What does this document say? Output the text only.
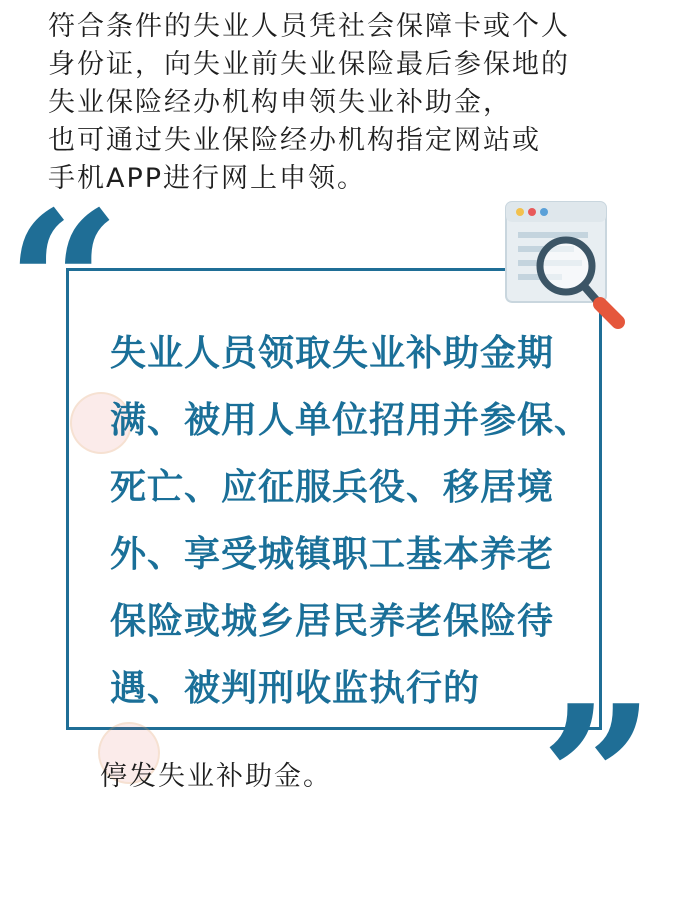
符合条件的失业人员凭社会保障卡或个人
身份证，向失业前失业保险最后参保地的
失业保险经办机构申领失业补助金，
也可通过失业保险经办机构指定网站或
手机APP进行网上申领。
“
失业人员领取失业补助金期
满、被用人单位招用并参保、
死亡、应征服兵役、移居境
外、享受城镇职工基本养老
保险或城乡居民养老保险待
遇、被判刑收监执行的 ”
停发失业补助金。
